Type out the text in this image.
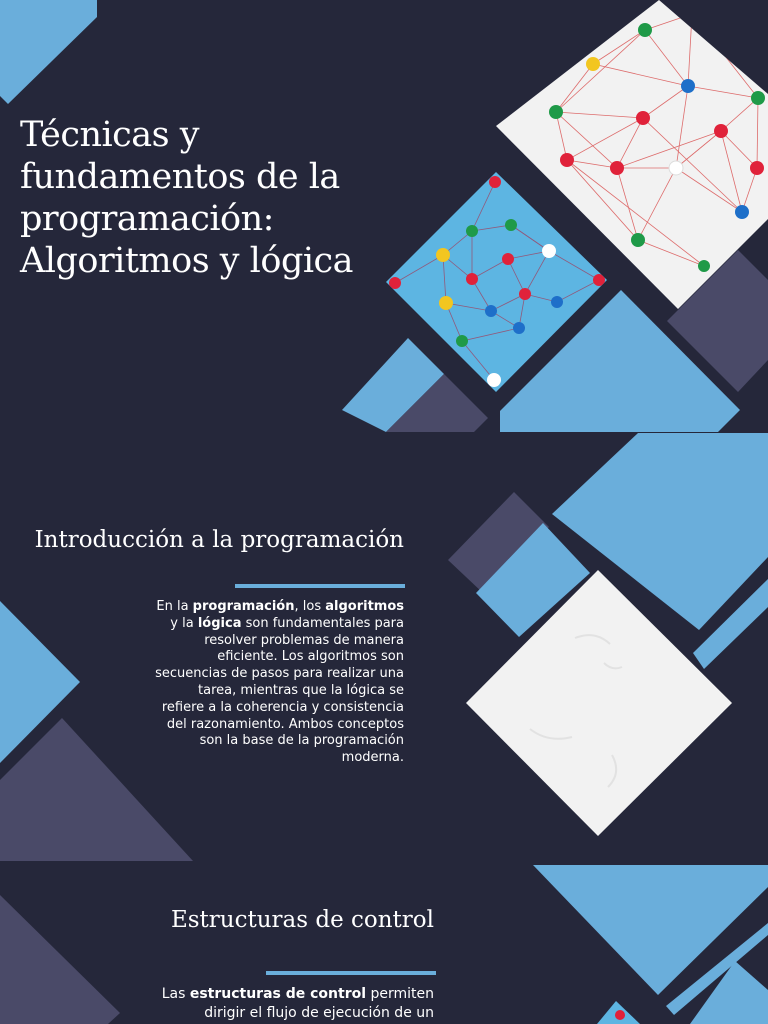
Técnicas y
fundamentos de la
programación:
Algoritmos y lógica
Introducción a la programación

En la programación, los algoritmos y la lógica son fundamentales para resolver problemas de manera eficiente. Los algoritmos son secuencias de pasos para realizar una tarea, mientras que la lógica se refiere a la coherencia y consistencia del razonamiento. Ambos conceptos son la base de la programación moderna.

Estructuras de control

Las estructuras de control permiten dirigir el flujo de ejecución de un
